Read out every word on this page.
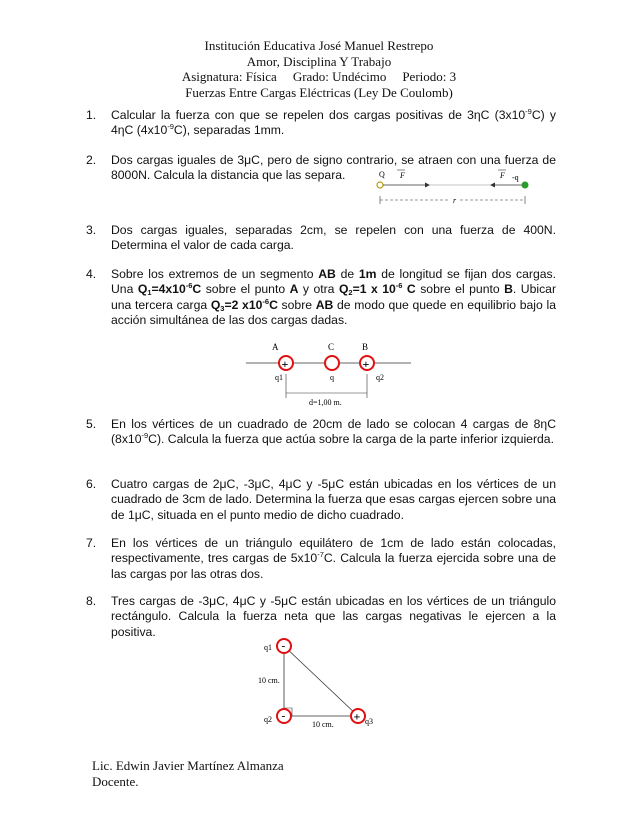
Institución Educativa José Manuel Restrepo
Amor, Disciplina Y Trabajo
Asignatura: Física Grado: Undécimo Periodo: 3
Fuerzas Entre Cargas Eléctricas (Ley De Coulomb)
1.	Calcular la fuerza con que se repelen dos cargas positivas de 3ηC $(3x10^{-9}C)$ y 4ηC $(4x10^{-9}C)$, separadas 1mm.
2.	Dos cargas iguales de 3μC, pero de signo contrario, se atraen con una fuerza de 8000N. Calcula la distancia que las separa.
3.	Dos cargas iguales, separadas 2cm, se repelen con una fuerza de 400N. Determina el valor de cada carga.
4.	Sobre los extremos de un segmento AB de 1m de longitud se fijan dos cargas. Una $Q_1=4x10^{-6}C$ sobre el punto A y otra $Q_2=1$ x $10^{-6}$ C sobre el punto B. Ubicar una tercera carga $Q_3=2$ $x10^{-6}C$ sobre AB de modo que quede en equilibrio bajo la acción simultánea de las dos cargas dadas.
5.	En los vértices de un cuadrado de 20cm de lado se colocan 4 cargas de 8ηC $(8x10^{-9}C)$. Calcula la fuerza que actúa sobre la carga de la parte inferior izquierda.
6.	Cuatro cargas de 2μC, -3μC, 4μC y -5μC están ubicadas en los vértices de un cuadrado de 3cm de lado. Determina la fuerza que esas cargas ejercen sobre una de 1μC, situada en el punto medio de dicho cuadrado.
7.	En los vértices de un triángulo equilátero de 1cm de lado están colocadas, respectivamente, tres cargas de $5x10^{-7}C$. Calcula la fuerza ejercida sobre una de las cargas por las otras dos.
8.	Tres cargas de -3μC, 4μC y -5μC están ubicadas en los vértices de un triángulo rectángulo. Calcula la fuerza neta que las cargas negativas le ejercen a la positiva.
Q F	F -q
r
A	C	B
+	+
q1	q	q2
d=1,00 m.
-
-	+
q1
q2	q3
10 cm.
10 cm.
Lic. Edwin Javier Martínez Almanza
Docente.
